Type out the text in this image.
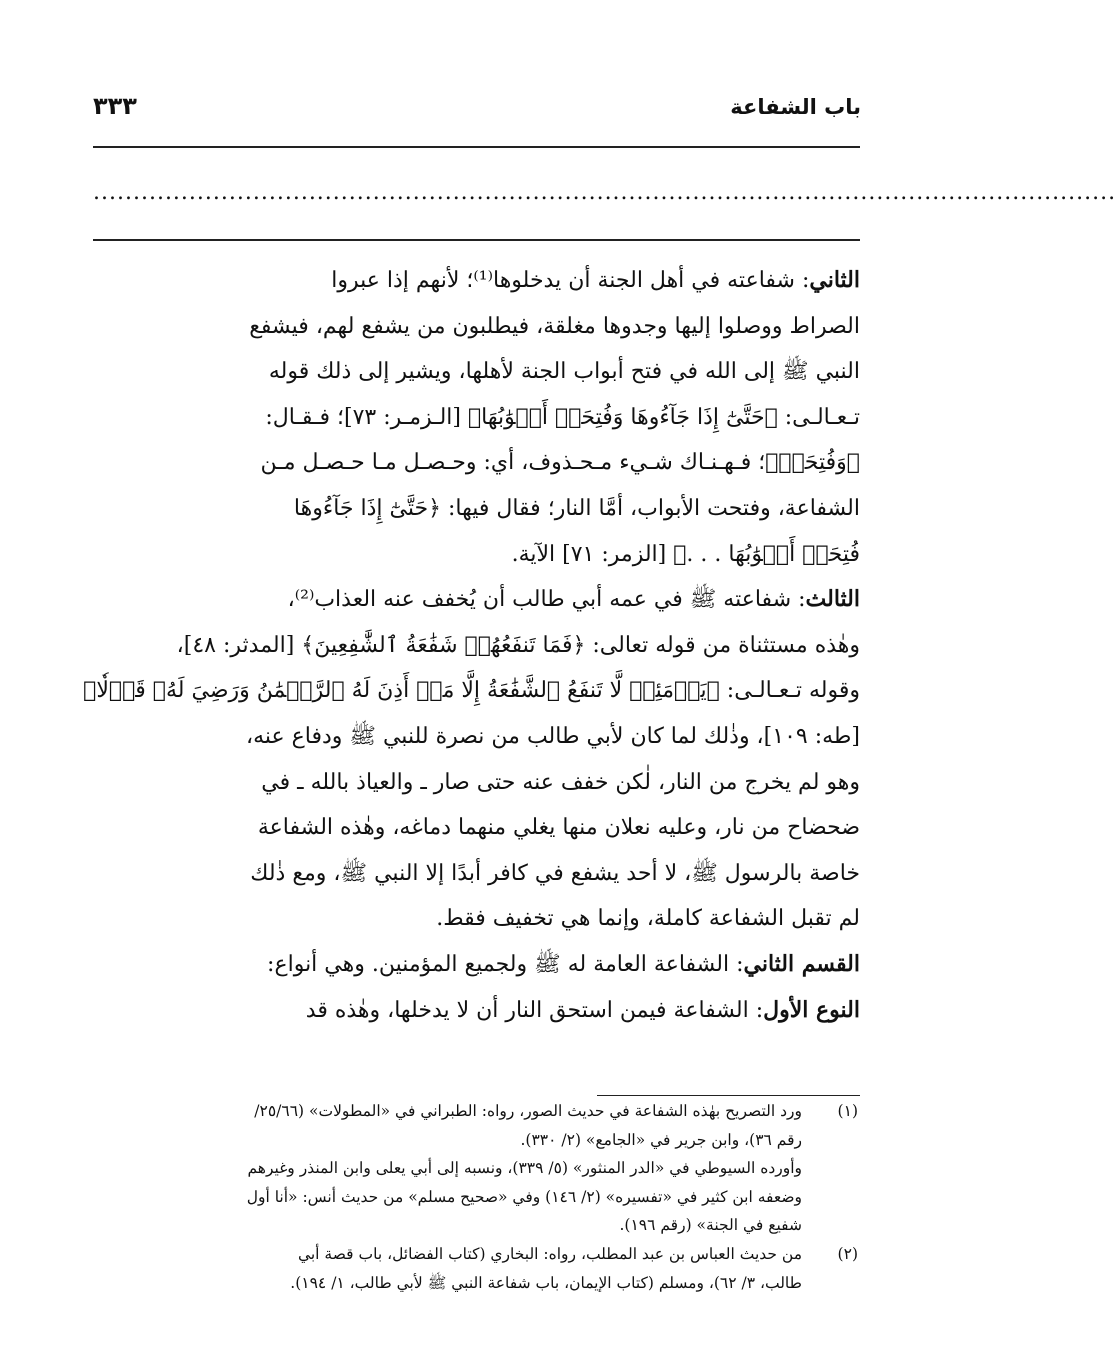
باب الشفاعة
٣٣٣
................................................................................................................................
الثاني: شفاعته في أهل الجنة أن يدخلوها⁽¹⁾؛ لأنهم إذا عبروا
الصراط ووصلوا إليها وجدوها مغلقة، فيطلبون من يشفع لهم، فيشفع
النبي ﷺ إلى الله في فتح أبواب الجنة لأهلها، ويشير إلى ذلك قوله
تـعـالـى: ﴿حَتَّىٰٓ إِذَا جَآءُوهَا وَفُتِحَتۡ أَبۡوَٰبُهَا﴾ [الـزمـر: ٧٣]؛ فـقـال:
﴿وَفُتِحَتۡ﴾؛ فـهـنـاك شـيء مـحـذوف، أي: وحـصـل مـا حـصـل مـن
الشفاعة، وفتحت الأبواب، أمَّا النار؛ فقال فيها: ﴿حَتَّىٰٓ إِذَا جَآءُوهَا
فُتِحَتۡ أَبۡوَٰبُهَا . . .﴾ [الزمر: ٧١] الآية.
الثالث: شفاعته ﷺ في عمه أبي طالب أن يُخفف عنه العذاب⁽²⁾،
وهٰذه مستثناة من قوله تعالى: ﴿فَمَا تَنفَعُهُمۡ شَفَٰعَةُ ٱلشَّٰفِعِينَ﴾ [المدثر: ٤٨]،
وقوله تـعـالـى: ﴿يَوۡمَئِذٖ لَّا تَنفَعُ ٱلشَّفَٰعَةُ إِلَّا مَنۡ أَذِنَ لَهُ ٱلرَّحۡمَٰنُ وَرَضِيَ لَهُۥ قَوۡلٗا﴾
[طه: ١٠٩]، وذٰلك لما كان لأبي طالب من نصرة للنبي ﷺ ودفاع عنه،
وهو لم يخرج من النار، لٰكن خفف عنه حتى صار ـ والعياذ بالله ـ في
ضحضاح من نار، وعليه نعلان منها يغلي منهما دماغه، وهٰذه الشفاعة
خاصة بالرسول ﷺ، لا أحد يشفع في كافر أبدًا إلا النبي ﷺ، ومع ذٰلك
لم تقبل الشفاعة كاملة، وإنما هي تخفيف فقط.
القسم الثاني: الشفاعة العامة له ﷺ ولجميع المؤمنين. وهي أنواع:
النوع الأول: الشفاعة فيمن استحق النار أن لا يدخلها، وهٰذه قد
(١)
ورد التصريح بهٰذه الشفاعة في حديث الصور، رواه: الطبراني في «المطولات» (٢٥/٦٦/
رقم ٣٦)، وابن جرير في «الجامع» (٢/ ٣٣٠).
وأورده السيوطي في «الدر المنثور» (٥/ ٣٣٩)، ونسبه إلى أبي يعلى وابن المنذر وغيرهم
وضعفه ابن كثير في «تفسيره» (٢/ ١٤٦) وفي «صحيح مسلم» من حديث أنس: «أنا أول
شفيع في الجنة» (رقم ١٩٦).
(٢)
من حديث العباس بن عبد المطلب، رواه: البخاري (كتاب الفضائل، باب قصة أبي
طالب، ٣/ ٦٢)، ومسلم (كتاب الإيمان، باب شفاعة النبي ﷺ لأبي طالب، ١/ ١٩٤).
